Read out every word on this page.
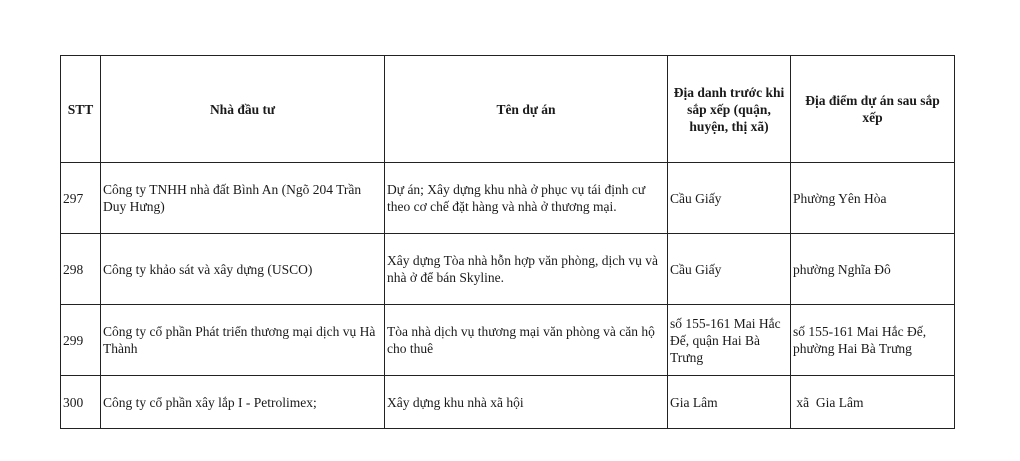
STT	Nhà đầu tư	Tên dự án	Địa danh trước khi sắp xếp (quận, huyện, thị xã)	Địa điểm dự án sau sắp xếp
297	Công ty TNHH nhà đất Bình An (Ngõ 204 Trần Duy Hưng)	Dự án; Xây dựng khu nhà ở phục vụ tái định cư theo cơ chế đặt hàng và nhà ở thương mại.	Cầu Giấy	Phường Yên Hòa
298	Công ty khảo sát và xây dựng (USCO)	Xây dựng Tòa nhà hỗn hợp văn phòng, dịch vụ và nhà ở để bán Skyline.	Cầu Giấy	phường Nghĩa Đô
299	Công ty cổ phần Phát triển thương mại dịch vụ Hà Thành	Tòa nhà dịch vụ thương mại văn phòng và căn hộ cho thuê	số 155-161 Mai Hắc Đế, quận Hai Bà Trưng	số 155-161 Mai Hắc Đế, phường Hai Bà Trưng
300	Công ty cổ phần xây lắp I - Petrolimex;	Xây dựng khu nhà xã hội	Gia Lâm	xã  Gia Lâm
